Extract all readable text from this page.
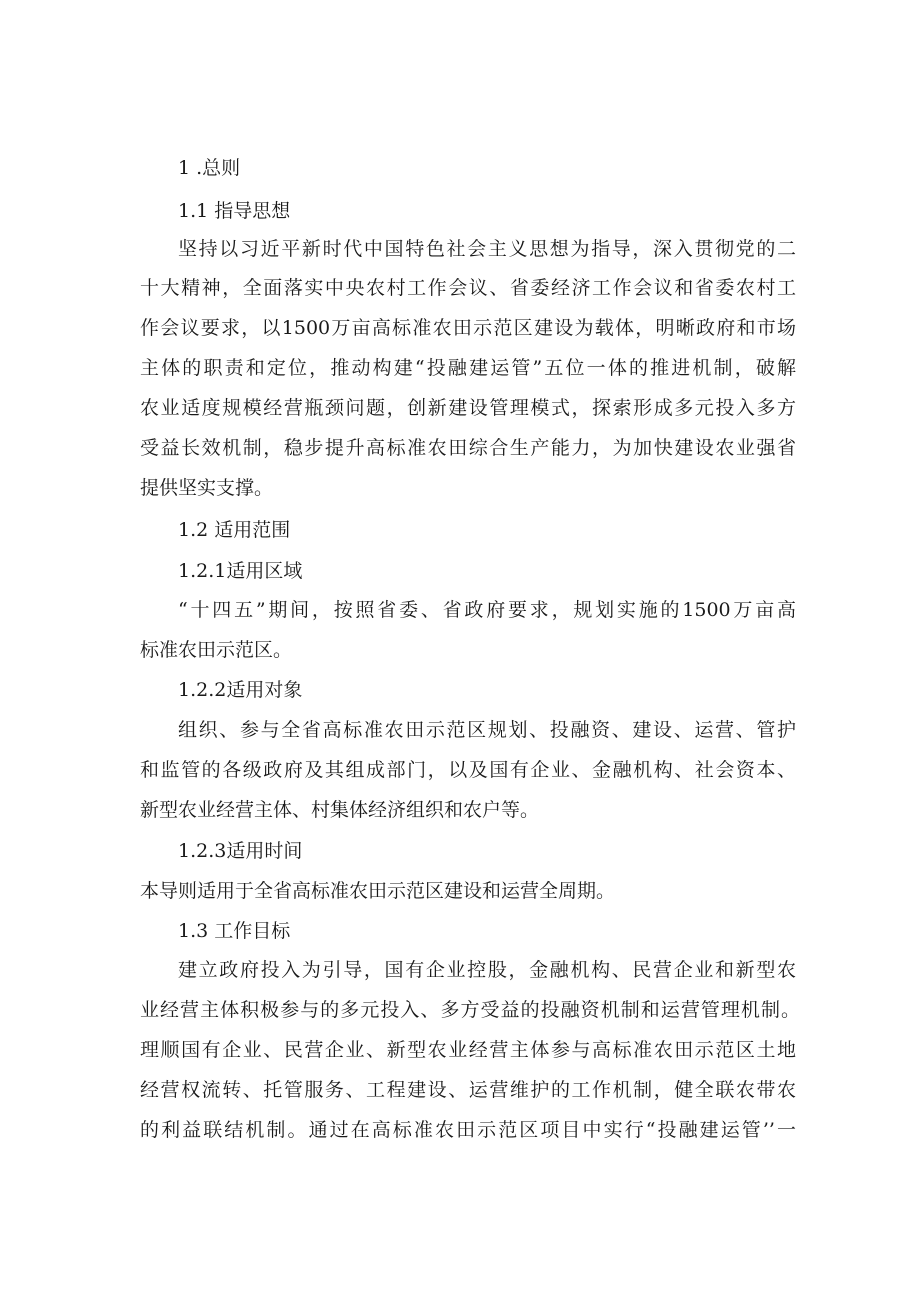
1 .总则
1.1 指导思想
坚持以习近平新时代中国特色社会主义思想为指导，深入贯彻党的二
十大精神，全面落实中央农村工作会议、省委经济工作会议和省委农村工
作会议要求，以1500万亩高标准农田示范区建设为载体，明晰政府和市场
主体的职责和定位，推动构建“投融建运管”五位一体的推进机制，破解
农业适度规模经营瓶颈问题，创新建设管理模式，探索形成多元投入多方
受益长效机制，稳步提升高标准农田综合生产能力，为加快建设农业强省
提供坚实支撑。
1.2 适用范围
1.2.1适用区域
“十四五”期间，按照省委、省政府要求，规划实施的1500万亩高
标准农田示范区。
1.2.2适用对象
组织、参与全省高标准农田示范区规划、投融资、建设、运营、管护
和监管的各级政府及其组成部门，以及国有企业、金融机构、社会资本、
新型农业经营主体、村集体经济组织和农户等。
1.2.3适用时间
本导则适用于全省高标准农田示范区建设和运营全周期。
1.3 工作目标
建立政府投入为引导，国有企业控股，金融机构、民营企业和新型农
业经营主体积极参与的多元投入、多方受益的投融资机制和运营管理机制。
理顺国有企业、民营企业、新型农业经营主体参与高标准农田示范区土地
经营权流转、托管服务、工程建设、运营维护的工作机制，健全联农带农
的利益联结机制。通过在高标准农田示范区项目中实行“投融建运管’’一
